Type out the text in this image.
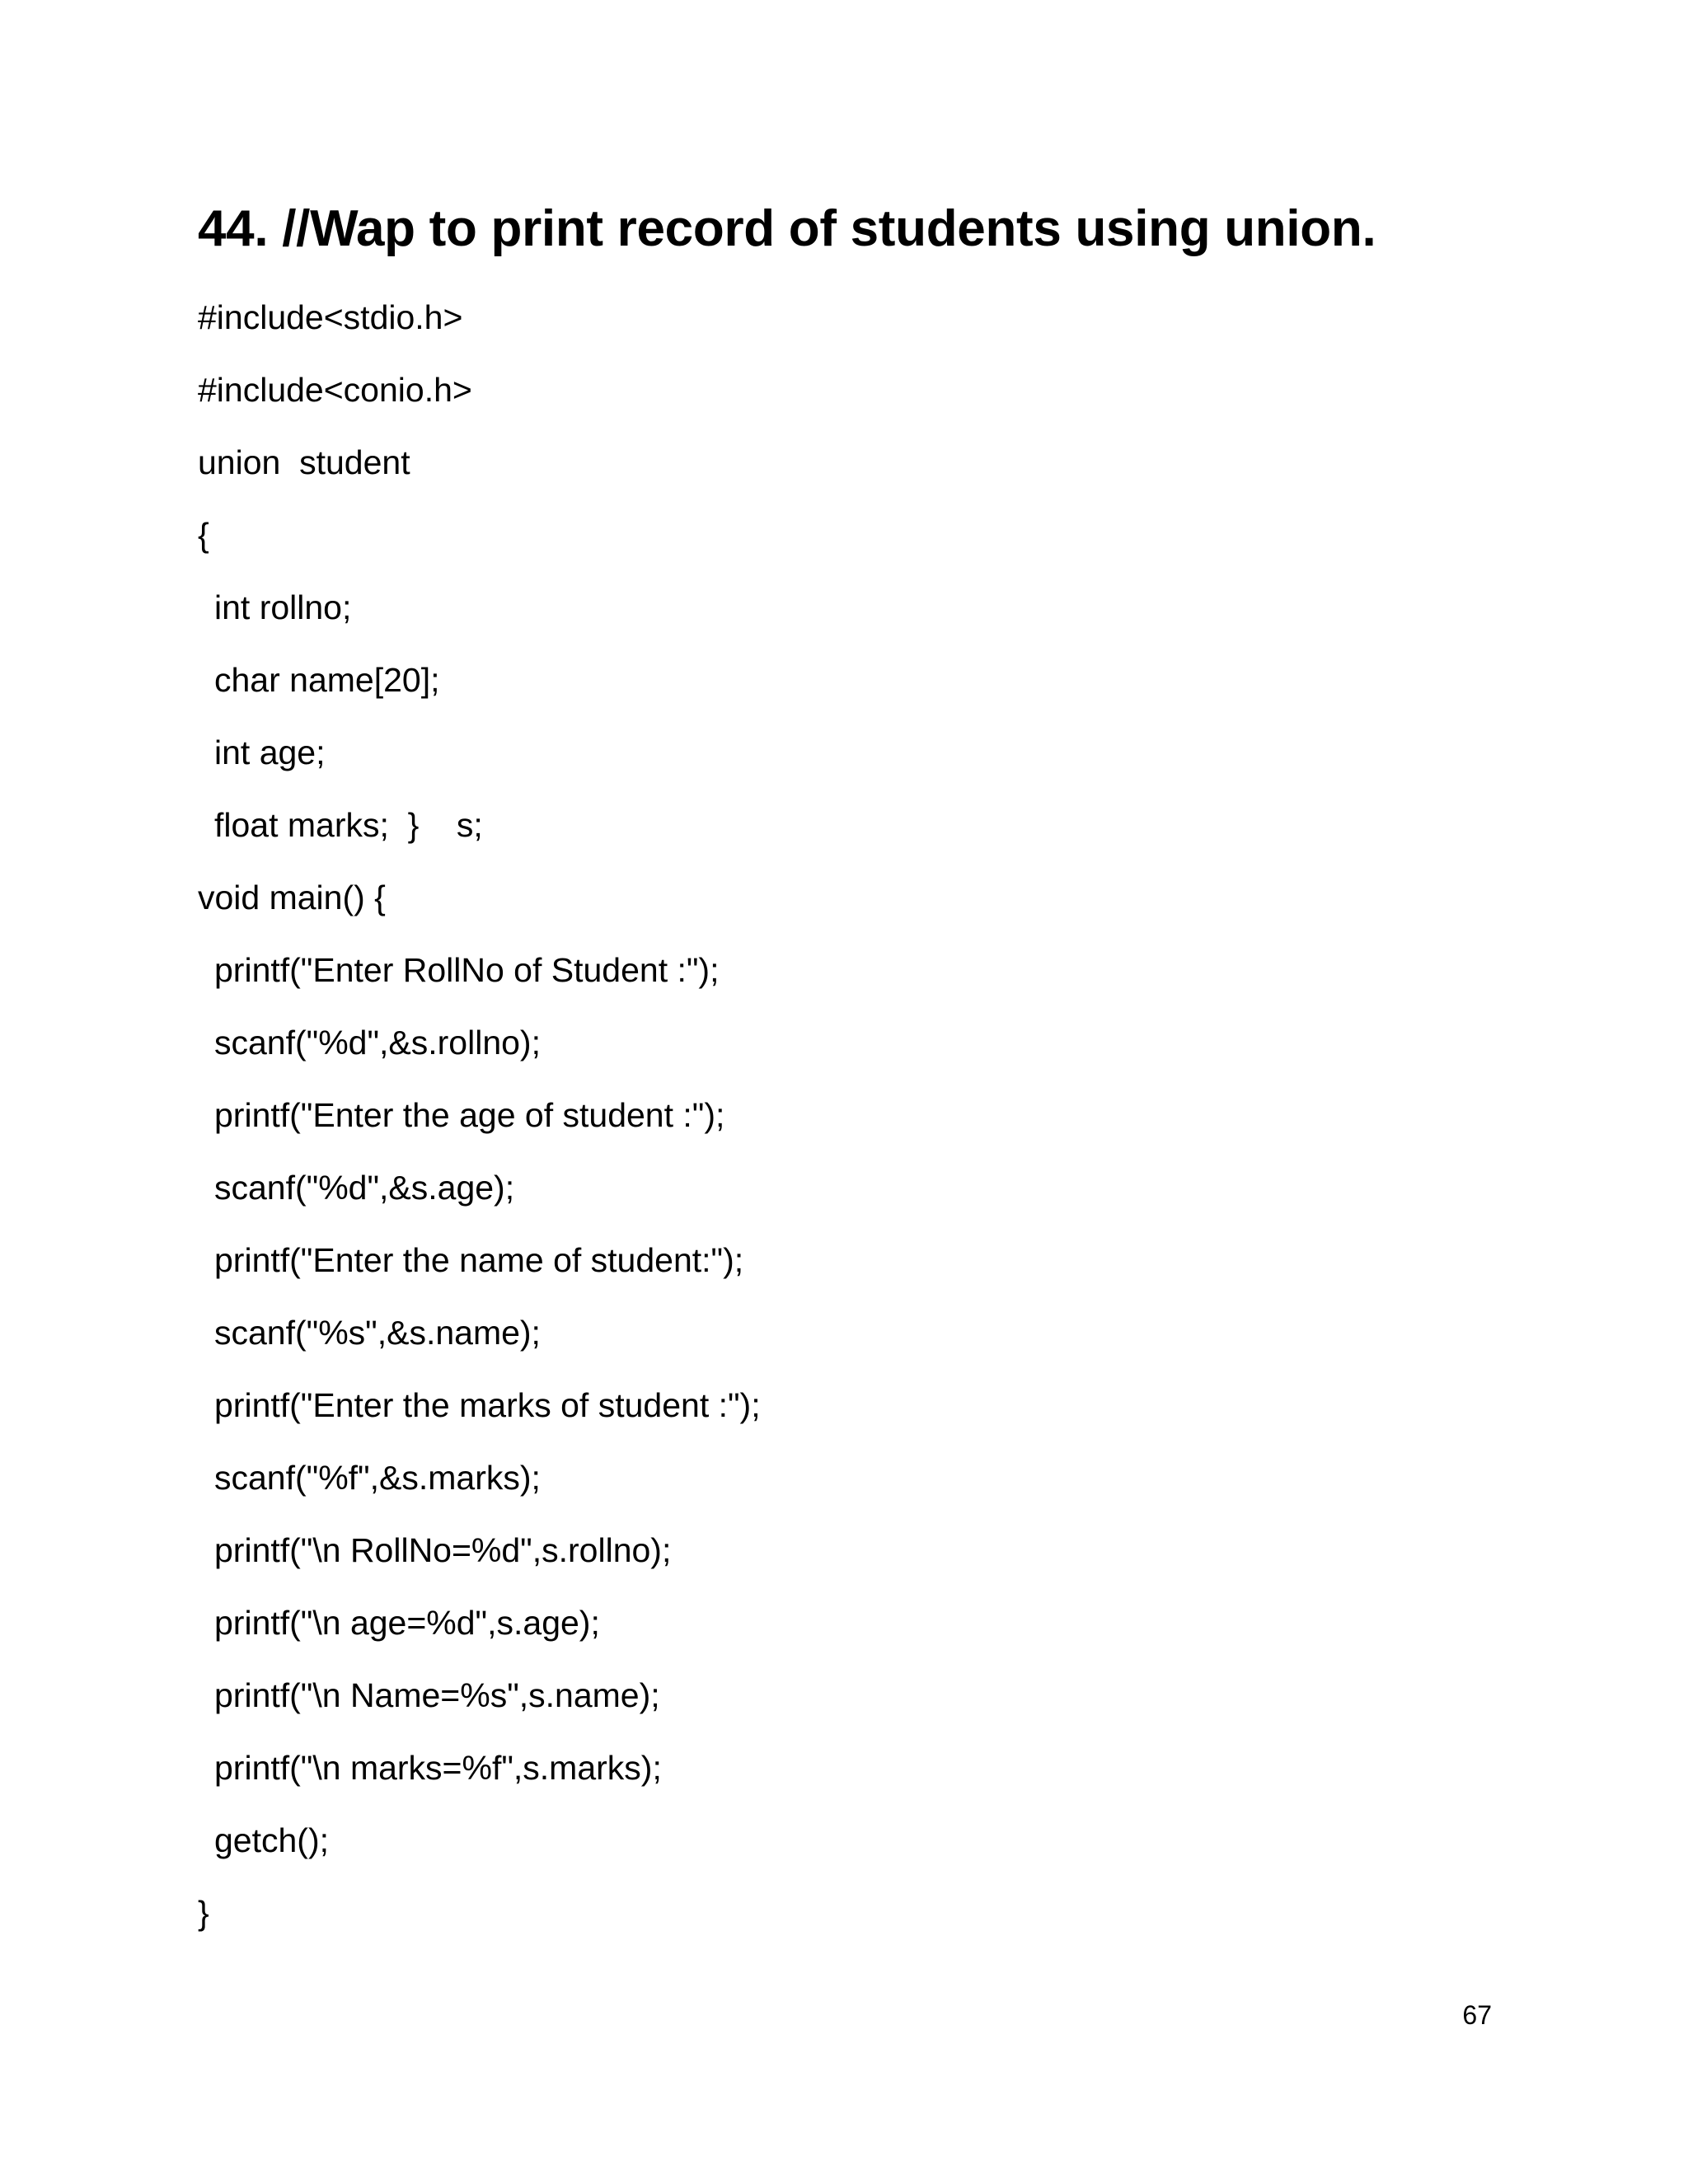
44. //Wap to print record of students using union.
#include<stdio.h>
#include<conio.h>
union  student
{
int rollno;
char name[20];
int age;
float marks;  }    s;
void main() {
printf("Enter RollNo of Student :");
scanf("%d",&s.rollno);
printf("Enter the age of student :");
scanf("%d",&s.age);
printf("Enter the name of student:");
scanf("%s",&s.name);
printf("Enter the marks of student :");
scanf("%f",&s.marks);
printf("\n RollNo=%d",s.rollno);
printf("\n age=%d",s.age);
printf("\n Name=%s",s.name);
printf("\n marks=%f",s.marks);
getch();
}
67
